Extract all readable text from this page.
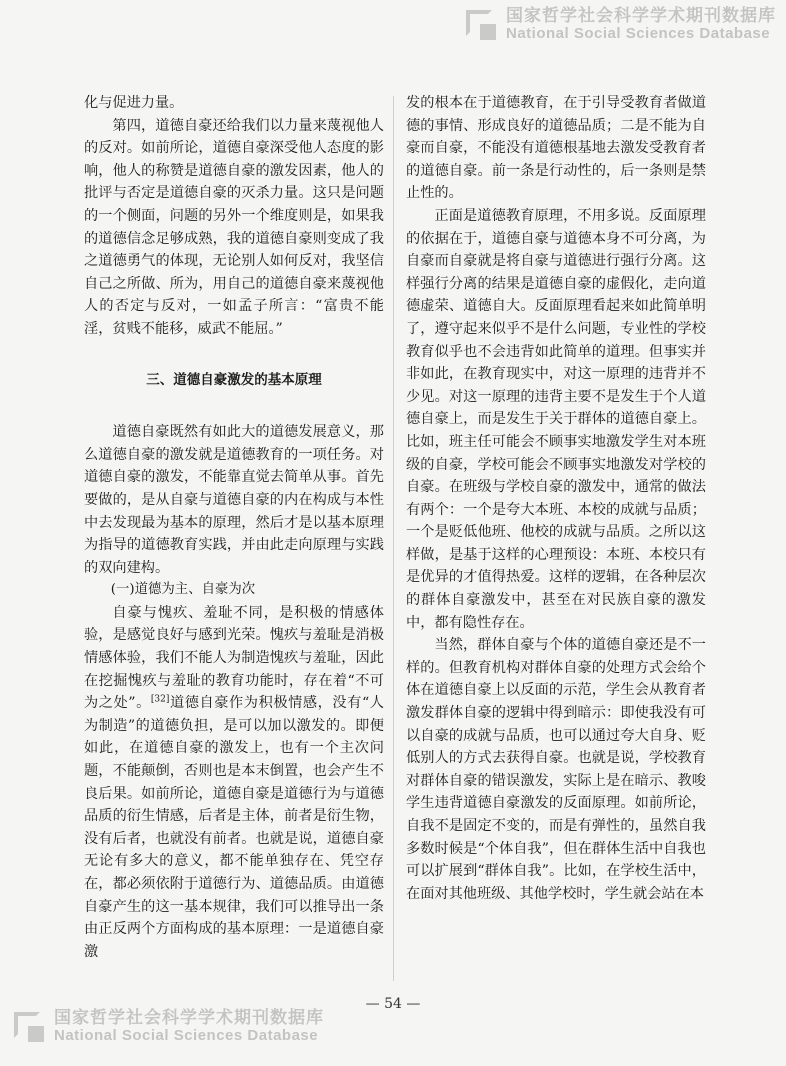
国家哲学社会科学学术期刊数据库
National Social Sciences Database

化与促进力量。

第四，道德自豪还给我们以力量来蔑视他人的反对。如前所论，道德自豪深受他人态度的影响，他人的称赞是道德自豪的激发因素，他人的批评与否定是道德自豪的灭杀力量。这只是问题的一个侧面，问题的另外一个维度则是，如果我的道德信念足够成熟，我的道德自豪则变成了我之道德勇气的体现，无论别人如何反对，我坚信自己之所做、所为，用自己的道德自豪来蔑视他人的否定与反对，一如孟子所言：“富贵不能淫，贫贱不能移，威武不能屈。”

三、道德自豪激发的基本原理

道德自豪既然有如此大的道德发展意义，那么道德自豪的激发就是道德教育的一项任务。对道德自豪的激发，不能靠直觉去简单从事。首先要做的，是从自豪与道德自豪的内在构成与本性中去发现最为基本的原理，然后才是以基本原理为指导的道德教育实践，并由此走向原理与实践的双向建构。

(一)道德为主、自豪为次

自豪与愧疚、羞耻不同，是积极的情感体验，是感觉良好与感到光荣。愧疚与羞耻是消极情感体验，我们不能人为制造愧疚与羞耻，因此在挖掘愧疚与羞耻的教育功能时，存在着“不可为之处”。[32]道德自豪作为积极情感，没有“人为制造”的道德负担，是可以加以激发的。即便如此，在道德自豪的激发上，也有一个主次问题，不能颠倒，否则也是本末倒置，也会产生不良后果。如前所论，道德自豪是道德行为与道德品质的衍生情感，后者是主体，前者是衍生物，没有后者，也就没有前者。也就是说，道德自豪无论有多大的意义，都不能单独存在、凭空存在，都必须依附于道德行为、道德品质。由道德自豪产生的这一基本规律，我们可以推导出一条由正反两个方面构成的基本原理：一是道德自豪激

发的根本在于道德教育，在于引导受教育者做道德的事情、形成良好的道德品质；二是不能为自豪而自豪，不能没有道德根基地去激发受教育者的道德自豪。前一条是行动性的，后一条则是禁止性的。

正面是道德教育原理，不用多说。反面原理的依据在于，道德自豪与道德本身不可分离，为自豪而自豪就是将自豪与道德进行强行分离。这样强行分离的结果是道德自豪的虚假化，走向道德虚荣、道德自大。反面原理看起来如此简单明了，遵守起来似乎不是什么问题，专业性的学校教育似乎也不会违背如此简单的道理。但事实并非如此，在教育现实中，对这一原理的违背并不少见。对这一原理的违背主要不是发生于个人道德自豪上，而是发生于关于群体的道德自豪上。比如，班主任可能会不顾事实地激发学生对本班级的自豪，学校可能会不顾事实地激发对学校的自豪。在班级与学校自豪的激发中，通常的做法有两个：一个是夸大本班、本校的成就与品质；一个是贬低他班、他校的成就与品质。之所以这样做，是基于这样的心理预设：本班、本校只有是优异的才值得热爱。这样的逻辑，在各种层次的群体自豪激发中，甚至在对民族自豪的激发中，都有隐性存在。

当然，群体自豪与个体的道德自豪还是不一样的。但教育机构对群体自豪的处理方式会给个体在道德自豪上以反面的示范，学生会从教育者激发群体自豪的逻辑中得到暗示：即使我没有可以自豪的成就与品质，也可以通过夸大自身、贬低别人的方式去获得自豪。也就是说，学校教育对群体自豪的错误激发，实际上是在暗示、教唆学生违背道德自豪激发的反面原理。如前所论，自我不是固定不变的，而是有弹性的，虽然自我多数时候是“个体自我”，但在群体生活中自我也可以扩展到“群体自我”。比如，在学校生活中，在面对其他班级、其他学校时，学生就会站在本

— 54 —
国家哲学社会科学学术期刊数据库
National Social Sciences Database
